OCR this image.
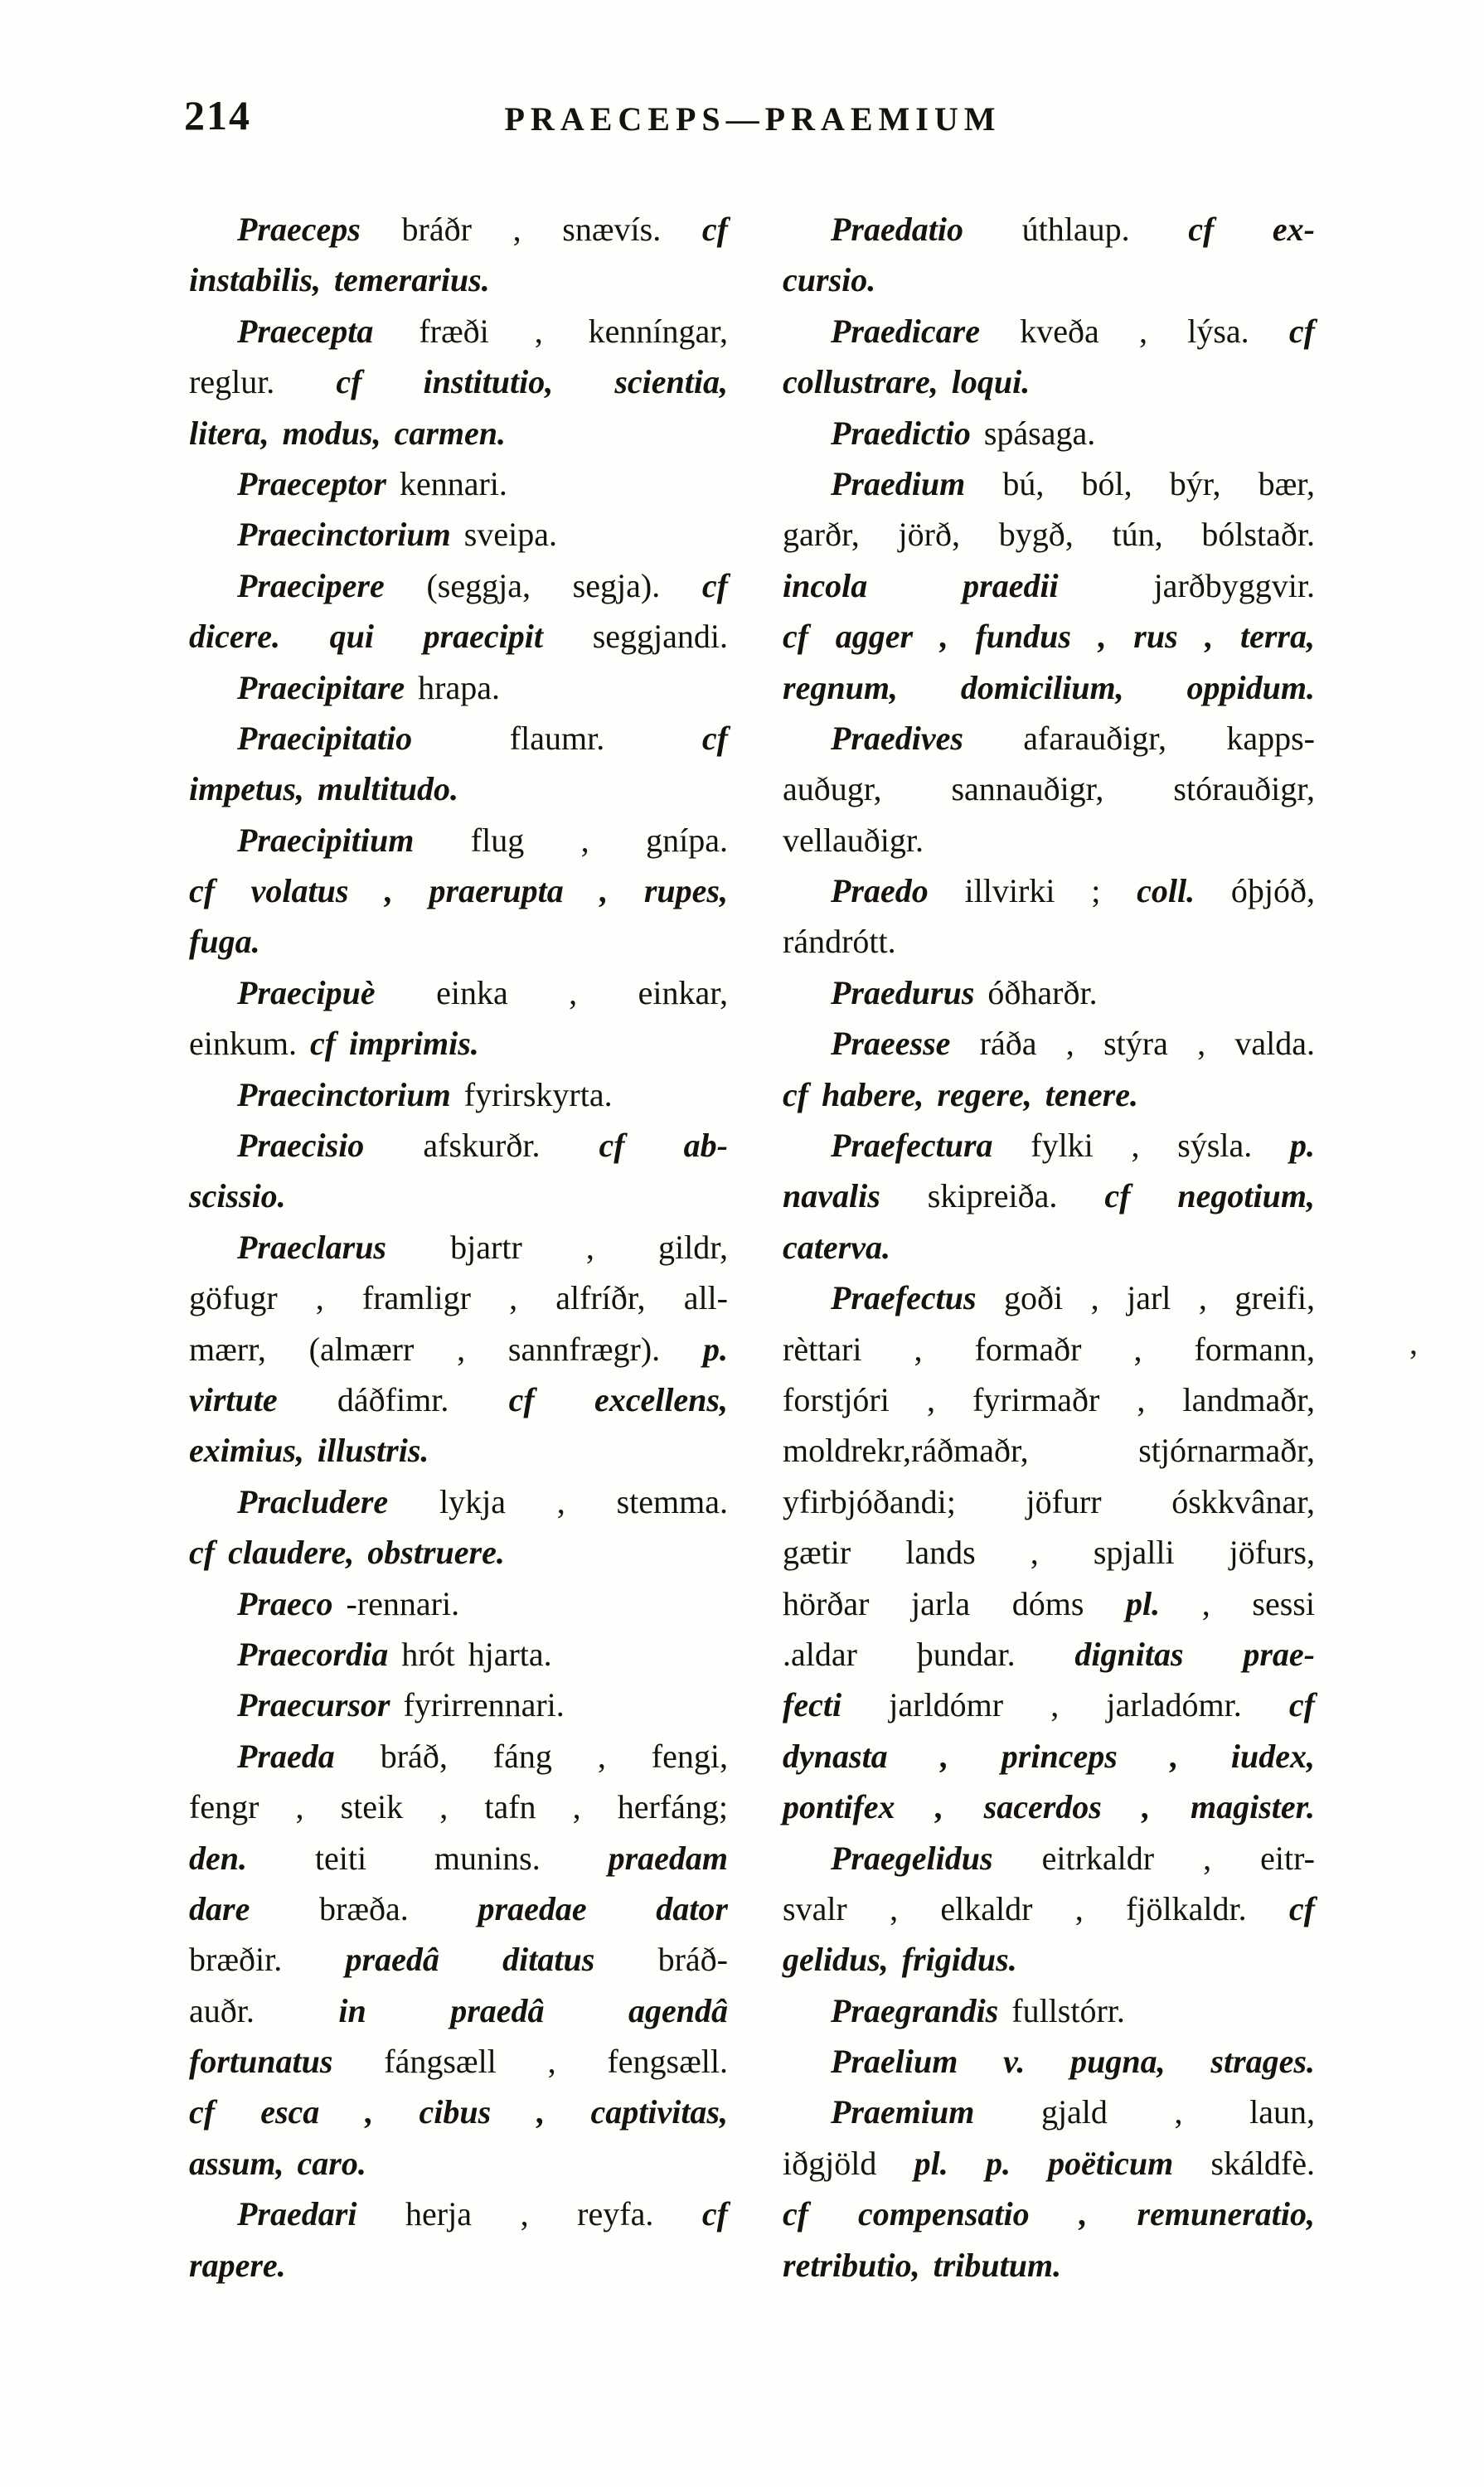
214	PRAECEPS—PRAEMIUM
Praeceps bráðr , snævís. cf
instabilis, temerarius.
Praecepta fræði , kenníngar,
reglur. cf institutio, scientia,
litera, modus, carmen.
Praeceptor kennari.
Praecinctorium sveipa.
Praecipere (seggja, segja). cf
dicere. qui praecipit seggjandi.
Praecipitare hrapa.
Praecipitatio flaumr. cf
impetus, multitudo.
Praecipitium flug , gnípa.
cf volatus , praerupta , rupes,
fuga.
Praecipuè einka , einkar,
einkum. cf imprimis.
Praecinctorium fyrirskyrta.
Praecisio afskurðr. cf ab-
scissio.
Praeclarus bjartr , gildr,
göfugr , framligr , alfríðr, all-
mærr, (almærr , sannfrægr). p.
virtute dáðfimr. cf excellens,
eximius, illustris.
Pracludere lykja , stemma.
cf claudere, obstruere.
Praeco -rennari.
Praecordia hrót hjarta.
Praecursor fyrirrennari.
Praeda bráð, fáng , fengi,
fengr , steik , tafn , herfáng;
den. teiti munins. praedam
dare bræða. praedae dator
bræðir. praedâ ditatus bráð-
auðr. in praedâ agendâ
fortunatus fángsæll , fengsæll.
cf esca , cibus , captivitas,
assum, caro.
Praedari herja , reyfa. cf
rapere.
Praedatio úthlaup. cf ex-
cursio.
Praedicare kveða , lýsa. cf
collustrare, loqui.
Praedictio spásaga.
Praedium bú, ból, býr, bær,
garðr, jörð, bygð, tún, bólstaðr.
incola praedii jarðbyggvir.
cf agger , fundus , rus , terra,
regnum, domicilium, oppidum.
Praedives afarauðigr, kapps-
auðugr, sannauðigr, stórauðigr,
vellauðigr.
Praedo illvirki ; coll. óþjóð,
rándrótt.
Praedurus óðharðr.
Praeesse ráða , stýra , valda.
cf habere, regere, tenere.
Praefectura fylki , sýsla. p.
navalis skipreiða. cf negotium,
caterva.
Praefectus goði , jarl , greifi,
rèttari , formaðr , formann,
forstjóri , fyrirmaðr , landmaðr,
moldrekr,ráðmaðr, stjórnarmaðr,
yfirbjóðandi; jöfurr óskkvânar,
gætir lands , spjalli jöfurs,
hörðar jarla dóms pl. , sessi
.aldar þundar. dignitas prae-
fecti jarldómr , jarladómr. cf
dynasta , princeps , iudex,
pontifex , sacerdos , magister.
Praegelidus eitrkaldr , eitr-
svalr , elkaldr , fjölkaldr. cf
gelidus, frigidus.
Praegrandis fullstórr.
Praelium v. pugna, strages.
Praemium gjald , laun,
iðgjöld pl. p. poëticum skáldfè.
cf compensatio , remuneratio,
retributio, tributum.
,
